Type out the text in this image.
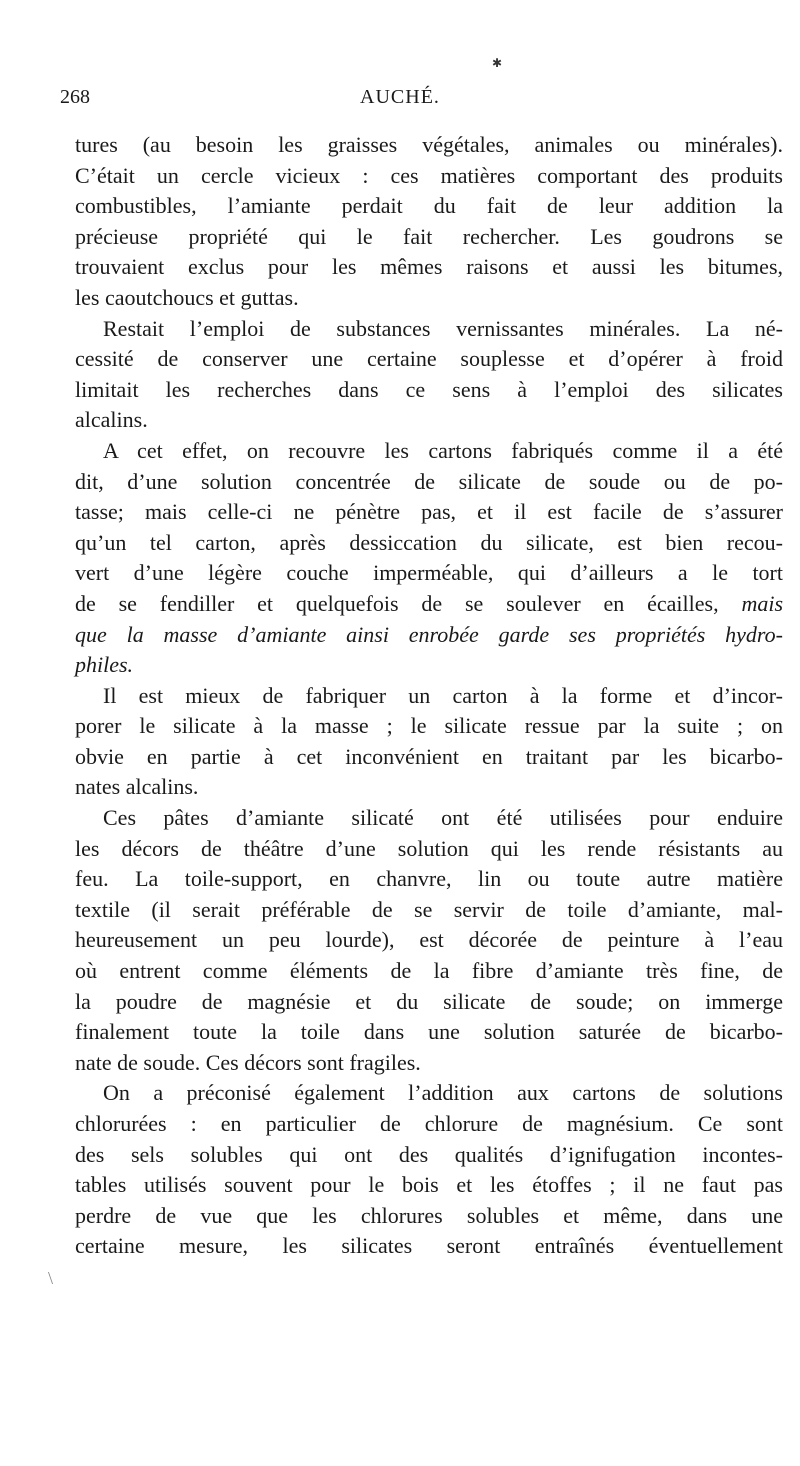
268	AUCHÉ.
✱
\
tures (au besoin les graisses végétales, animales ou minérales).
C’était un cercle vicieux : ces matières comportant des produits
combustibles, l’amiante perdait du fait de leur addition la
précieuse propriété qui le fait rechercher. Les goudrons se
trouvaient exclus pour les mêmes raisons et aussi les bitumes,
les caoutchoucs et guttas.
Restait l’emploi de substances vernissantes minérales. La né-
cessité de conserver une certaine souplesse et d’opérer à froid
limitait les recherches dans ce sens à l’emploi des silicates
alcalins.
A cet effet, on recouvre les cartons fabriqués comme il a été
dit, d’une solution concentrée de silicate de soude ou de po-
tasse; mais celle-ci ne pénètre pas, et il est facile de s’assurer
qu’un tel carton, après dessiccation du silicate, est bien recou-
vert d’une légère couche imperméable, qui d’ailleurs a le tort
de se fendiller et quelquefois de se soulever en écailles, mais
que la masse d’amiante ainsi enrobée garde ses propriétés hydro-
philes.
Il est mieux de fabriquer un carton à la forme et d’incor-
porer le silicate à la masse ; le silicate ressue par la suite ; on
obvie en partie à cet inconvénient en traitant par les bicarbo-
nates alcalins.
Ces pâtes d’amiante silicaté ont été utilisées pour enduire
les décors de théâtre d’une solution qui les rende résistants au
feu. La toile-support, en chanvre, lin ou toute autre matière
textile (il serait préférable de se servir de toile d’amiante, mal-
heureusement un peu lourde), est décorée de peinture à l’eau
où entrent comme éléments de la fibre d’amiante très fine, de
la poudre de magnésie et du silicate de soude; on immerge
finalement toute la toile dans une solution saturée de bicarbo-
nate de soude. Ces décors sont fragiles.
On a préconisé également l’addition aux cartons de solutions
chlorurées : en particulier de chlorure de magnésium. Ce sont
des sels solubles qui ont des qualités d’ignifugation incontes-
tables utilisés souvent pour le bois et les étoffes ; il ne faut pas
perdre de vue que les chlorures solubles et même, dans une
certaine mesure, les silicates seront entraînés éventuellement
